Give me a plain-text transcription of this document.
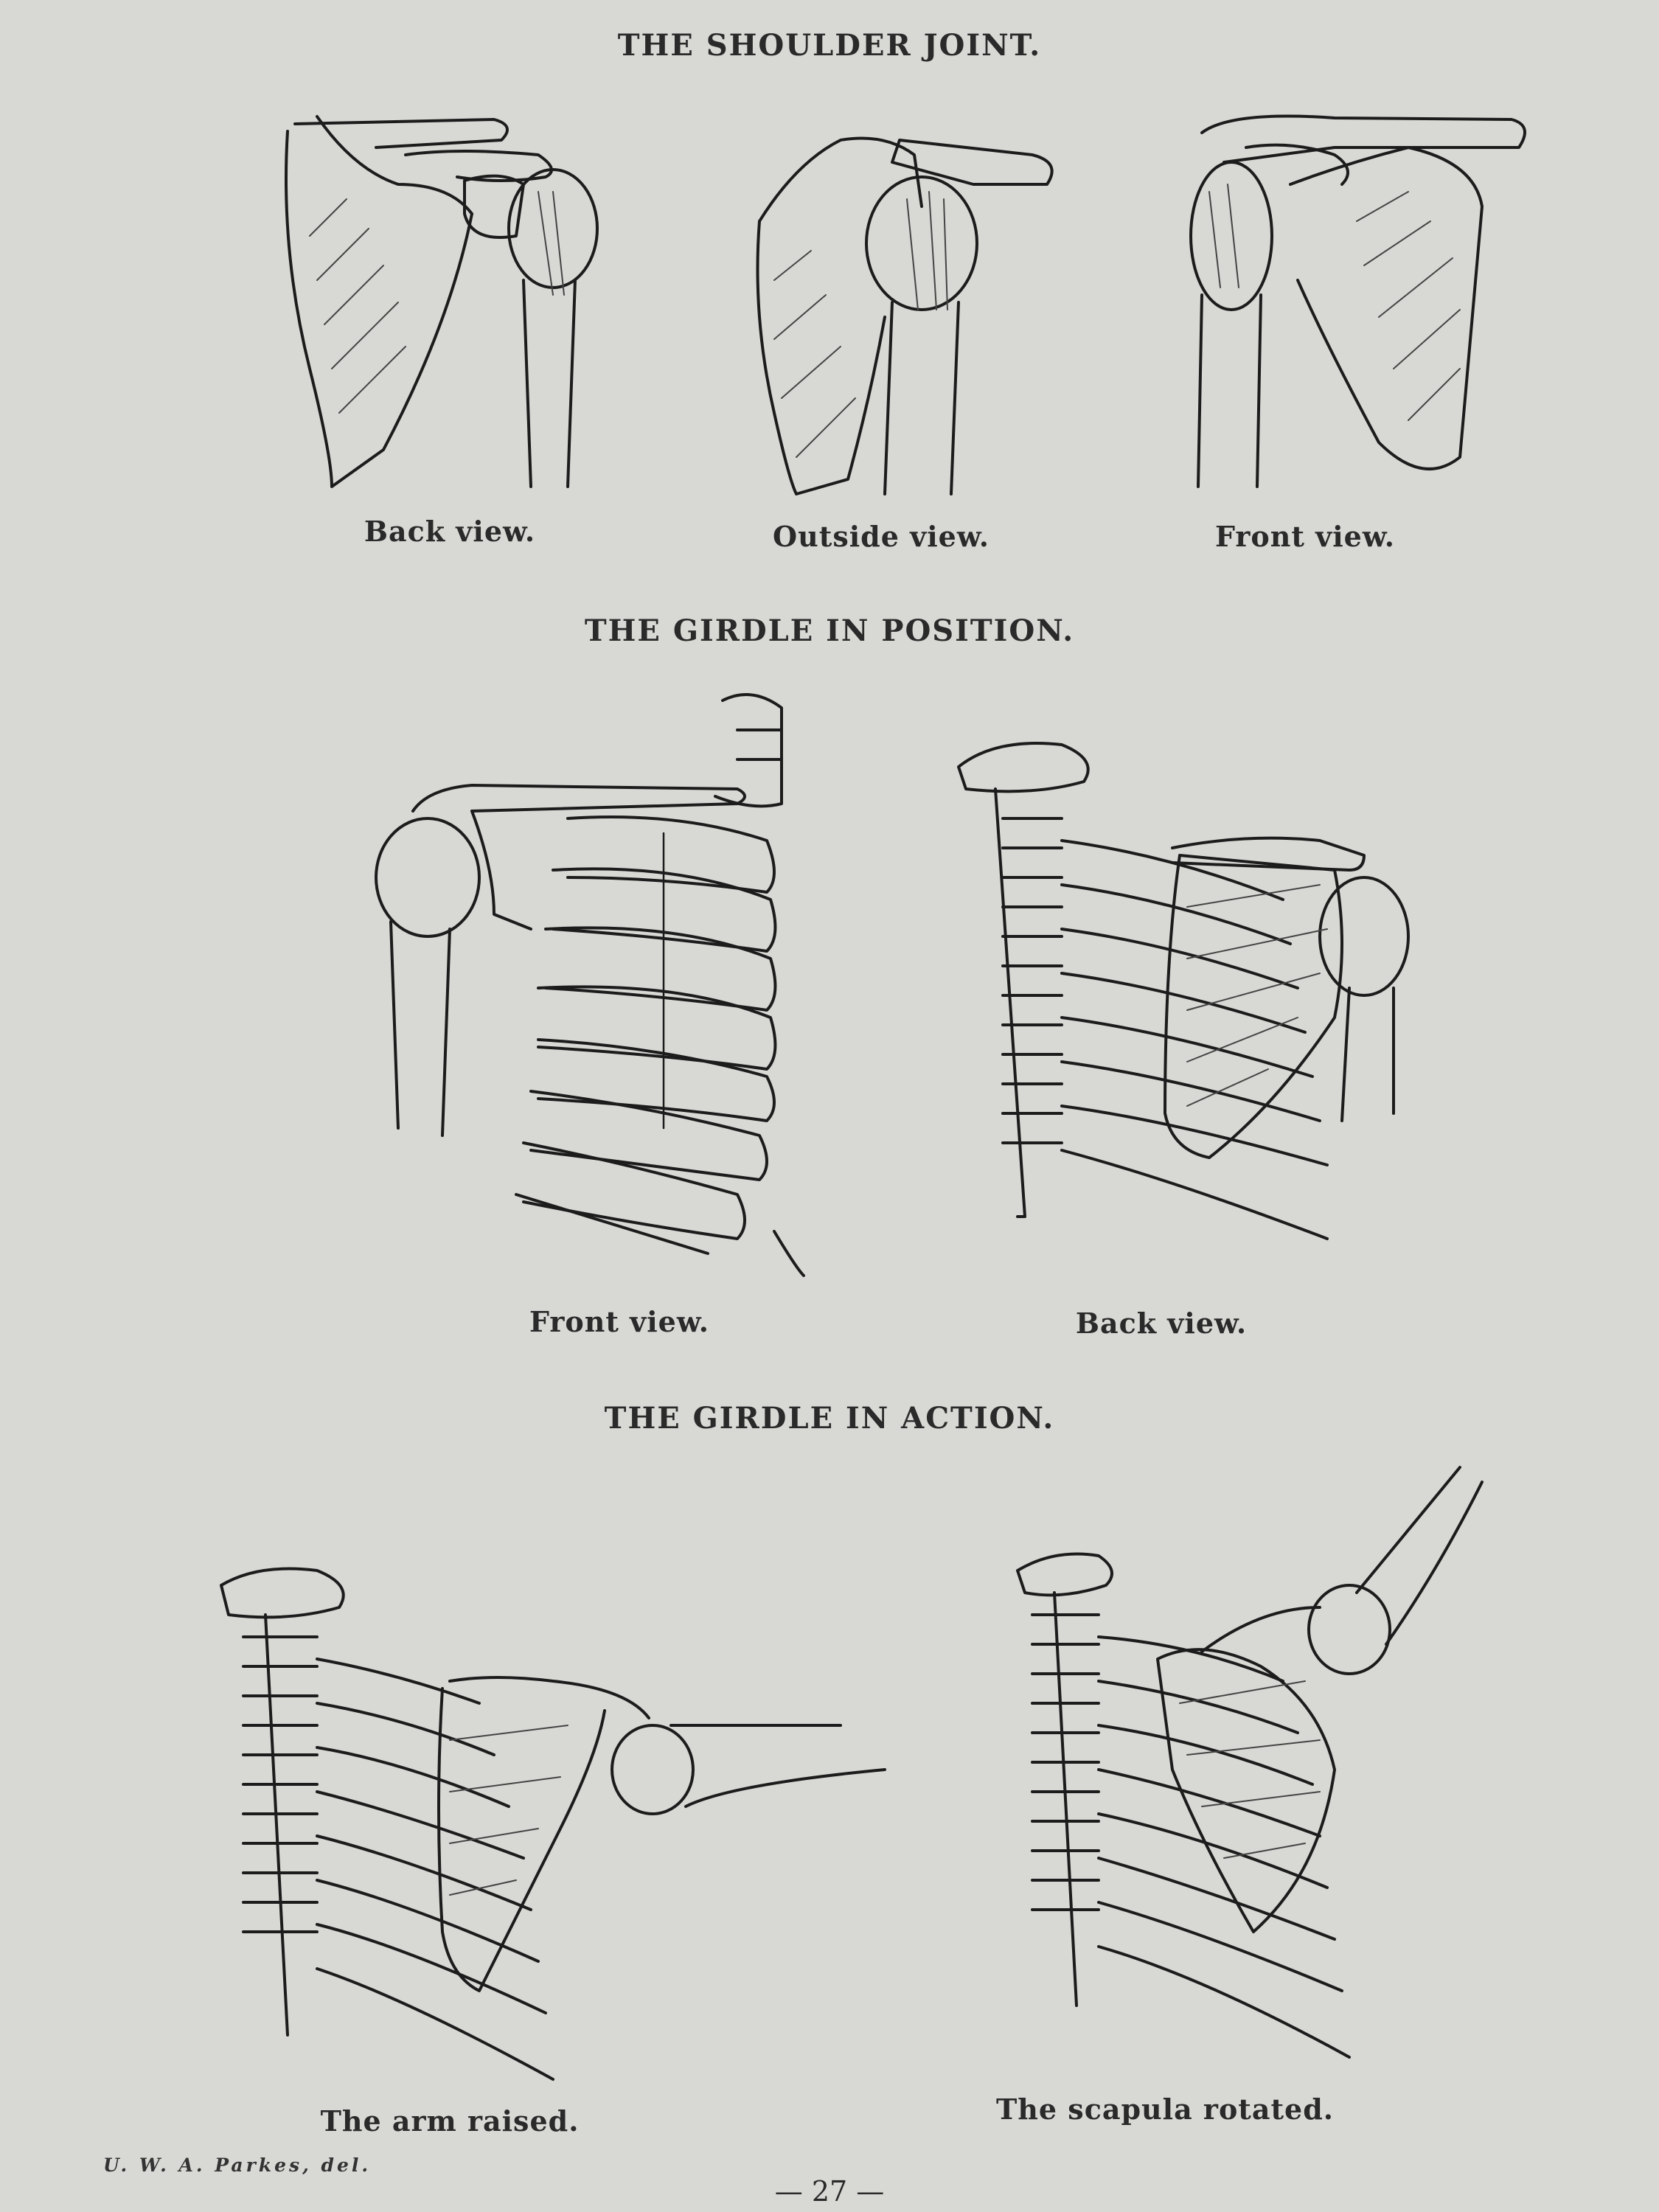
THE SHOULDER JOINT.
Back view.	Outside view.	Front view.
THE GIRDLE IN POSITION.
Front view.	Back view.
THE GIRDLE IN ACTION.
The arm raised.	The scapula rotated.
U. W. A. Parkes, del.
— 27 —
